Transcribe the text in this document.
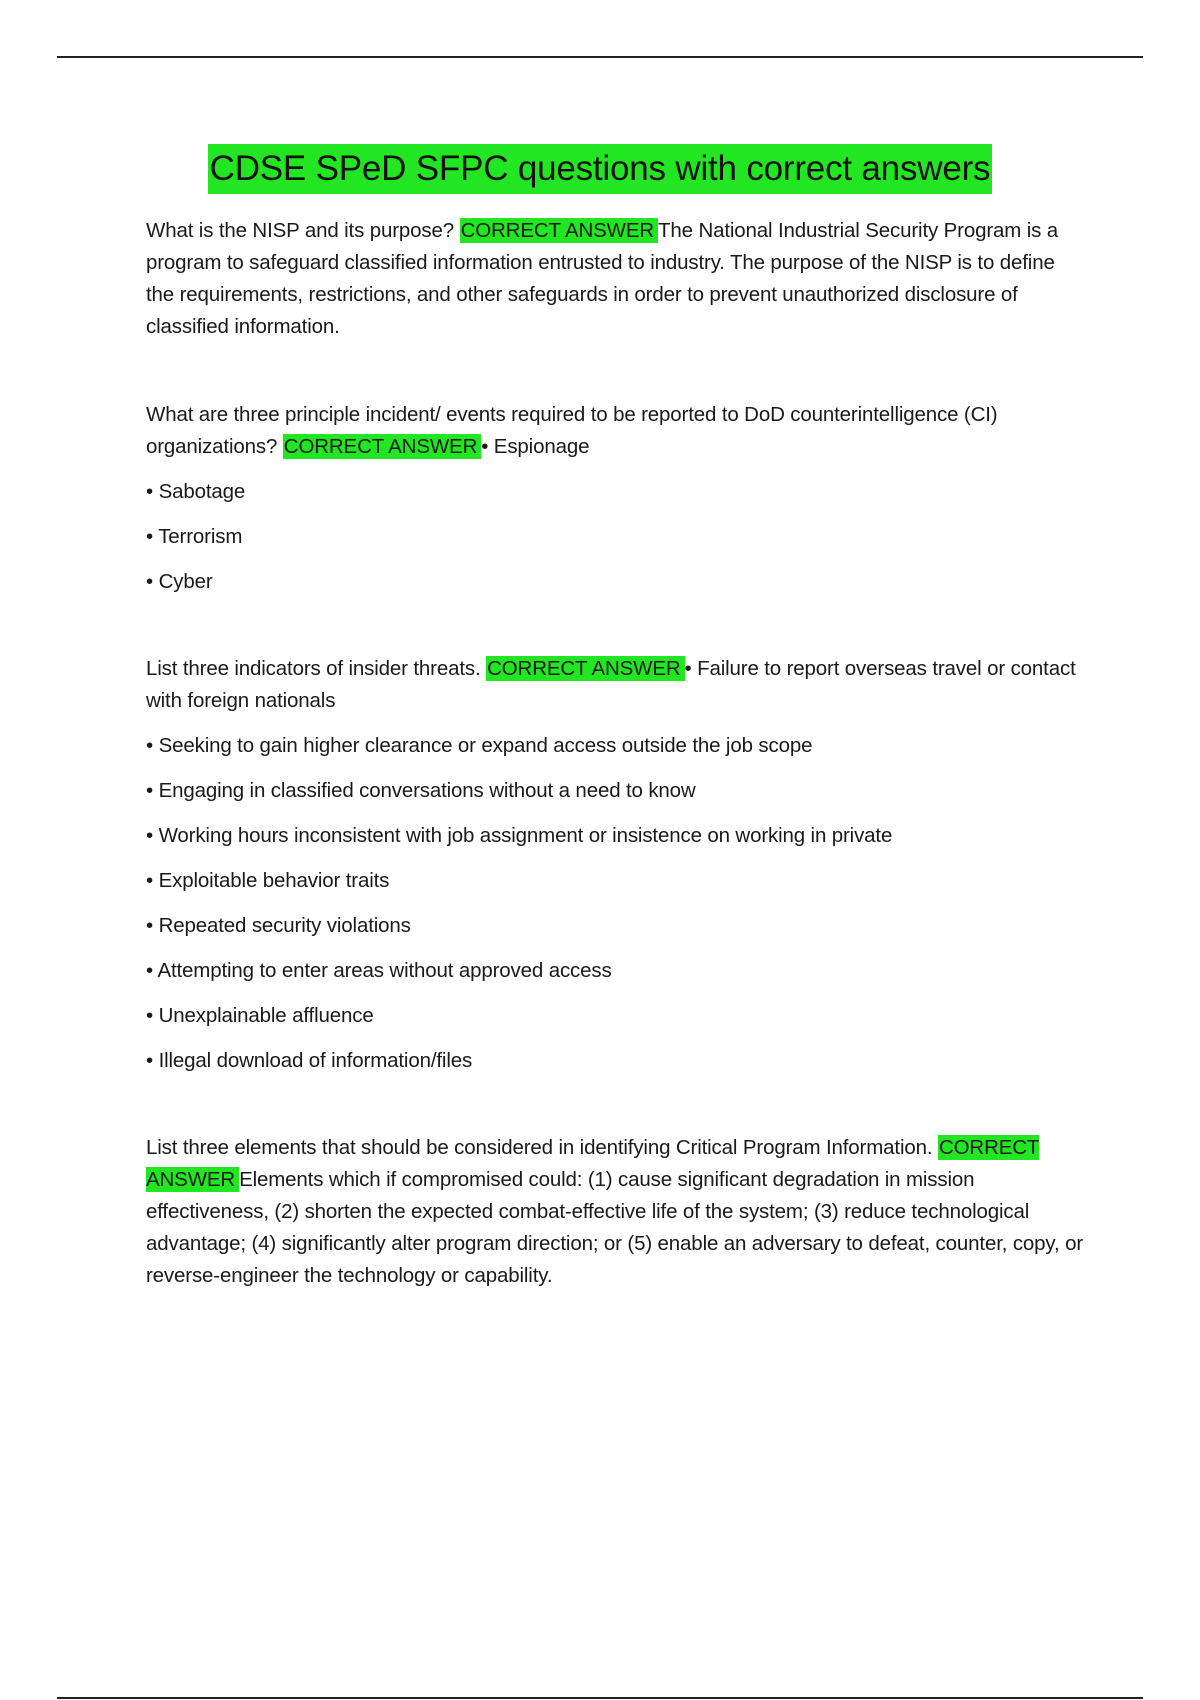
CDSE SPeD SFPC questions with correct answers

What is the NISP and its purpose? CORRECT ANSWER The National Industrial Security Program is a program to safeguard classified information entrusted to industry. The purpose of the NISP is to define the requirements, restrictions, and other safeguards in order to prevent unauthorized disclosure of classified information.

What are three principle incident/ events required to be reported to DoD counterintelligence (CI) organizations? CORRECT ANSWER • Espionage

• Sabotage

• Terrorism

• Cyber

List three indicators of insider threats. CORRECT ANSWER • Failure to report overseas travel or contact with foreign nationals

• Seeking to gain higher clearance or expand access outside the job scope

• Engaging in classified conversations without a need to know

• Working hours inconsistent with job assignment or insistence on working in private

• Exploitable behavior traits

• Repeated security violations

• Attempting to enter areas without approved access

• Unexplainable affluence

• Illegal download of information/files

List three elements that should be considered in identifying Critical Program Information. CORRECT ANSWER Elements which if compromised could: (1) cause significant degradation in mission effectiveness, (2) shorten the expected combat-effective life of the system; (3) reduce technological advantage; (4) significantly alter program direction; or (5) enable an adversary to defeat, counter, copy, or reverse-engineer the technology or capability.
